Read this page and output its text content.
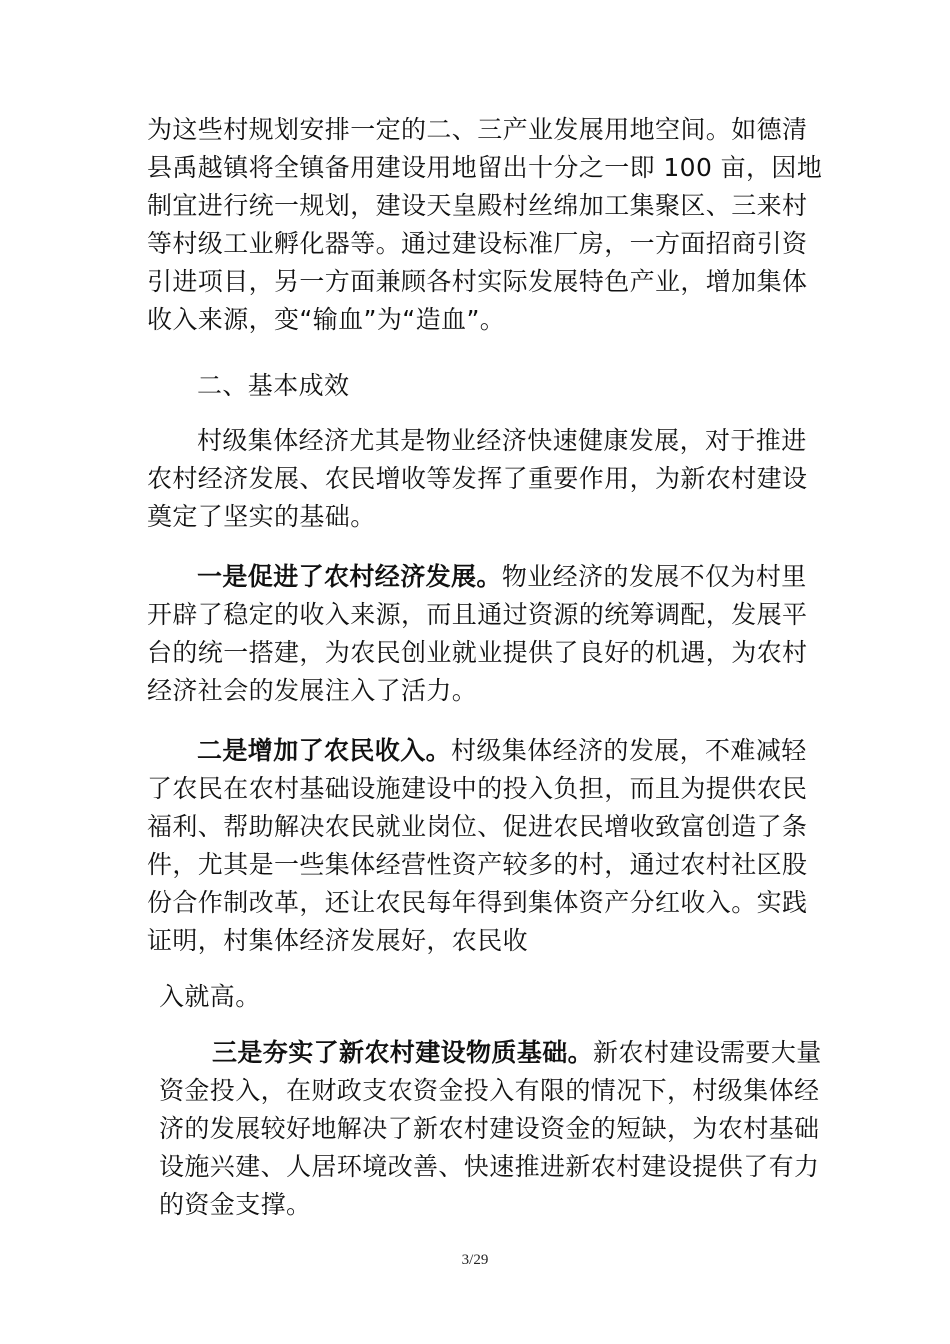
为这些村规划安排一定的二、三产业发展用地空间。如德清
县禹越镇将全镇备用建设用地留出十分之一即 100 亩，因地
制宜进行统一规划，建设天皇殿村丝绵加工集聚区、三来村
等村级工业孵化器等。通过建设标准厂房，一方面招商引资
引进项目，另一方面兼顾各村实际发展特色产业，增加集体
收入来源，变“输血”为“造血”。
二、基本成效
村级集体经济尤其是物业经济快速健康发展，对于推进
农村经济发展、农民增收等发挥了重要作用，为新农村建设
奠定了坚实的基础。
一是促进了农村经济发展。物业经济的发展不仅为村里
开辟了稳定的收入来源，而且通过资源的统筹调配，发展平
台的统一搭建，为农民创业就业提供了良好的机遇，为农村
经济社会的发展注入了活力。
二是增加了农民收入。村级集体经济的发展，不难减轻
了农民在农村基础设施建设中的投入负担，而且为提供农民
福利、帮助解决农民就业岗位、促进农民增收致富创造了条
件，尤其是一些集体经营性资产较多的村，通过农村社区股
份合作制改革，还让农民每年得到集体资产分红收入。实践
证明，村集体经济发展好，农民收
入就高。
三是夯实了新农村建设物质基础。新农村建设需要大量
资金投入，在财政支农资金投入有限的情况下，村级集体经
济的发展较好地解决了新农村建设资金的短缺，为农村基础
设施兴建、人居环境改善、快速推进新农村建设提供了有力
的资金支撑。
3/29
